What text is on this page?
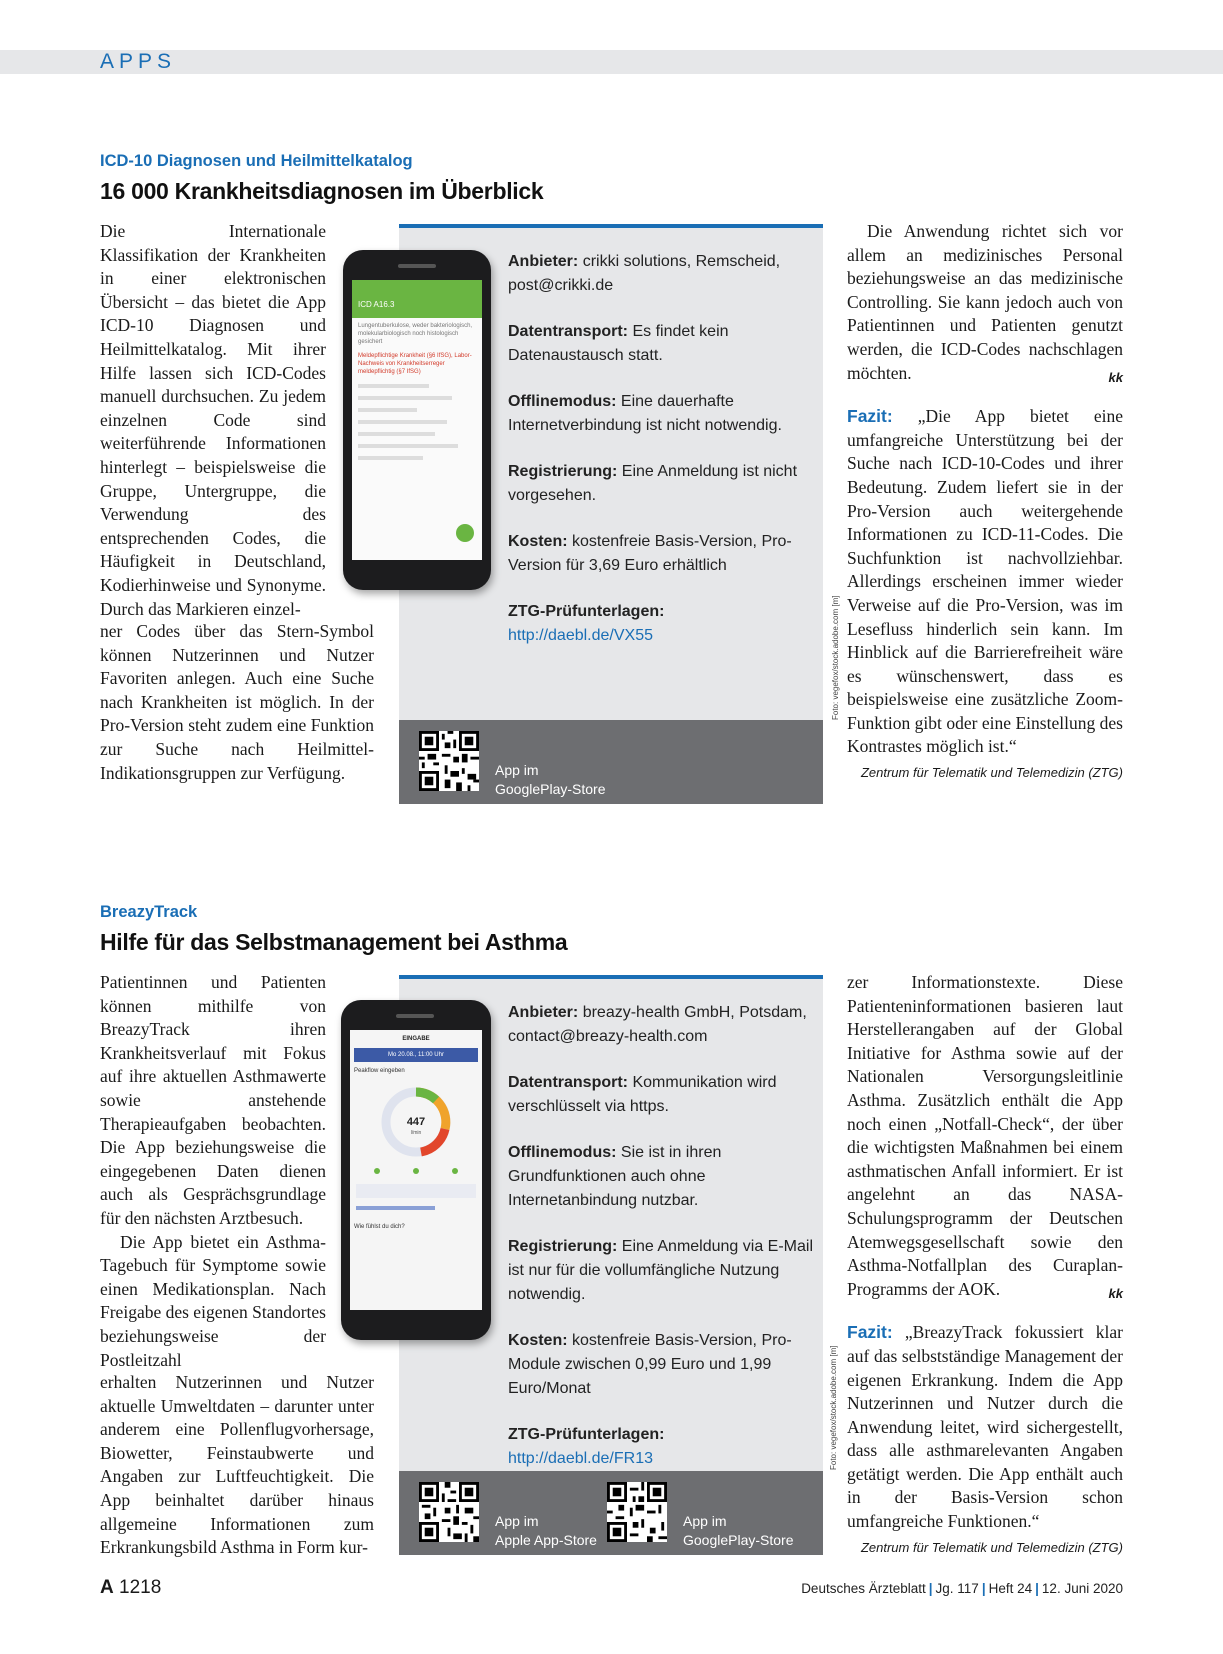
APPS
ICD-10 Diagnosen und Heilmittelkatalog
16 000 Krankheitsdiagnosen im Überblick

Die Internationale Klassifikation der Krankheiten in einer elektronischen Übersicht – das bietet die App ICD-10 Diagnosen und Heilmittelkatalog. Mit ihrer Hilfe lassen sich ICD-Codes manuell durchsuchen. Zu jedem einzelnen Code sind weiterführende Informationen hinterlegt – beispielsweise die Gruppe, Untergruppe, die Verwendung des entsprechenden Codes, die Häufigkeit in Deutschland, Kodierhinweise und Synonyme. Durch das Markieren einzel-

ner Codes über das Stern-Symbol können Nutzerinnen und Nutzer Favoriten anlegen. Auch eine Suche nach Krankheiten ist möglich. In der Pro-Version steht zudem eine Funktion zur Suche nach Heilmittel-Indikationsgruppen zur Verfügung.

Anbieter: crikki solutions, Remscheid, post@crikki.de
Datentransport: Es findet kein Datenaustausch statt.
Offlinemodus: Eine dauerhafte Internetverbindung ist nicht notwendig.
Registrierung: Eine Anmeldung ist nicht vorgesehen.
Kosten: kostenfreie Basis-Version, Pro-Version für 3,69 Euro erhältlich
ZTG-Prüfunterlagen: http://daebl.de/VX55
App im
GooglePlay-Store
ICD A16.3
Lungentuberkulose, weder bakteriologisch, molekularbiologisch noch histologisch gesichert
Meldepflichtige Krankheit (§6 IfSG), Labor-Nachweis von Krankheitserreger meldepflichtig (§7 IfSG)
Foto: vegefox/stock.adobe.com [m]

Die Anwendung richtet sich vor allem an medizinisches Personal beziehungsweise an das medizinische Controlling. Sie kann jedoch auch von Patientinnen und Patienten genutzt werden, die ICD-Codes nachschlagen möchten.	kk

Fazit: „Die App bietet eine umfangreiche Unterstützung bei der Suche nach ICD-10-Codes und ihrer Bedeutung. Zudem liefert sie in der Pro-Version auch weitergehende Informationen zu ICD-11-Codes. Die Suchfunktion ist nachvollziehbar. Allerdings erscheinen immer wieder Verweise auf die Pro-Version, was im Lesefluss hinderlich sein kann. Im Hinblick auf die Barrierefreiheit wäre es wünschenswert, dass es beispielsweise eine zusätzliche Zoom-Funktion gibt oder eine Einstellung des Kontrastes möglich ist.“

Zentrum für Telematik und Telemedizin (ZTG)
BreazyTrack
Hilfe für das Selbstmanagement bei Asthma

Patientinnen und Patienten können mithilfe von BreazyTrack ihren Krankheitsverlauf mit Fokus auf ihre aktuellen Asthmawerte sowie anstehende Therapieaufgaben beobachten. Die App beziehungsweise die eingegebenen Daten dienen auch als Gesprächsgrundlage für den nächsten Arztbesuch.

Die App bietet ein Asthma-Tagebuch für Symptome sowie einen Medikationsplan. Nach Freigabe des eigenen Standortes beziehungsweise der Postleitzahl

erhalten Nutzerinnen und Nutzer aktuelle Umweltdaten – darunter unter anderem eine Pollenflugvorhersage, Biowetter, Feinstaubwerte und Angaben zur Luftfeuchtigkeit. Die App beinhaltet darüber hinaus allgemeine Informationen zum Erkrankungsbild Asthma in Form kur-

Anbieter: breazy-health GmbH, Potsdam, contact@breazy-health.com
Datentransport: Kommunikation wird verschlüsselt via https.
Offlinemodus: Sie ist in ihren Grundfunktionen auch ohne Internetanbindung nutzbar.
Registrierung: Eine Anmeldung via E-Mail ist nur für die vollumfängliche Nutzung notwendig.
Kosten: kostenfreie Basis-Version, Pro-Module zwischen 0,99 Euro und 1,99 Euro/Monat
ZTG-Prüfunterlagen: http://daebl.de/FR13
App im
Apple App-Store
App im
GooglePlay-Store
EINGABE
Mo 20.08., 11:00 Uhr
Peakflow eingeben
447
l/min
Wie fühlst du dich?
Foto: vegefox/stock.adobe.com [m]

zer Informationstexte. Diese Patienteninformationen basieren laut Herstellerangaben auf der Global Initiative for Asthma sowie auf der Nationalen Versorgungsleitlinie Asthma. Zusätzlich enthält die App noch einen „Notfall-Check“, der über die wichtigsten Maßnahmen bei einem asthmatischen Anfall informiert. Er ist angelehnt an das NASA-Schulungsprogramm der Deutschen Atemwegsgesellschaft sowie den Asthma-Notfallplan des Curaplan-Programms der AOK.	kk

Fazit: „BreazyTrack fokussiert klar auf das selbstständige Management der eigenen Erkrankung. Indem die App Nutzerinnen und Nutzer durch die Anwendung leitet, wird sichergestellt, dass alle asthmarelevanten Angaben getätigt werden. Die App enthält auch in der Basis-Version schon umfangreiche Funktionen.“

Zentrum für Telematik und Telemedizin (ZTG)
A 1218	Deutsches Ärzteblatt | Jg. 117 | Heft 24 | 12. Juni 2020
